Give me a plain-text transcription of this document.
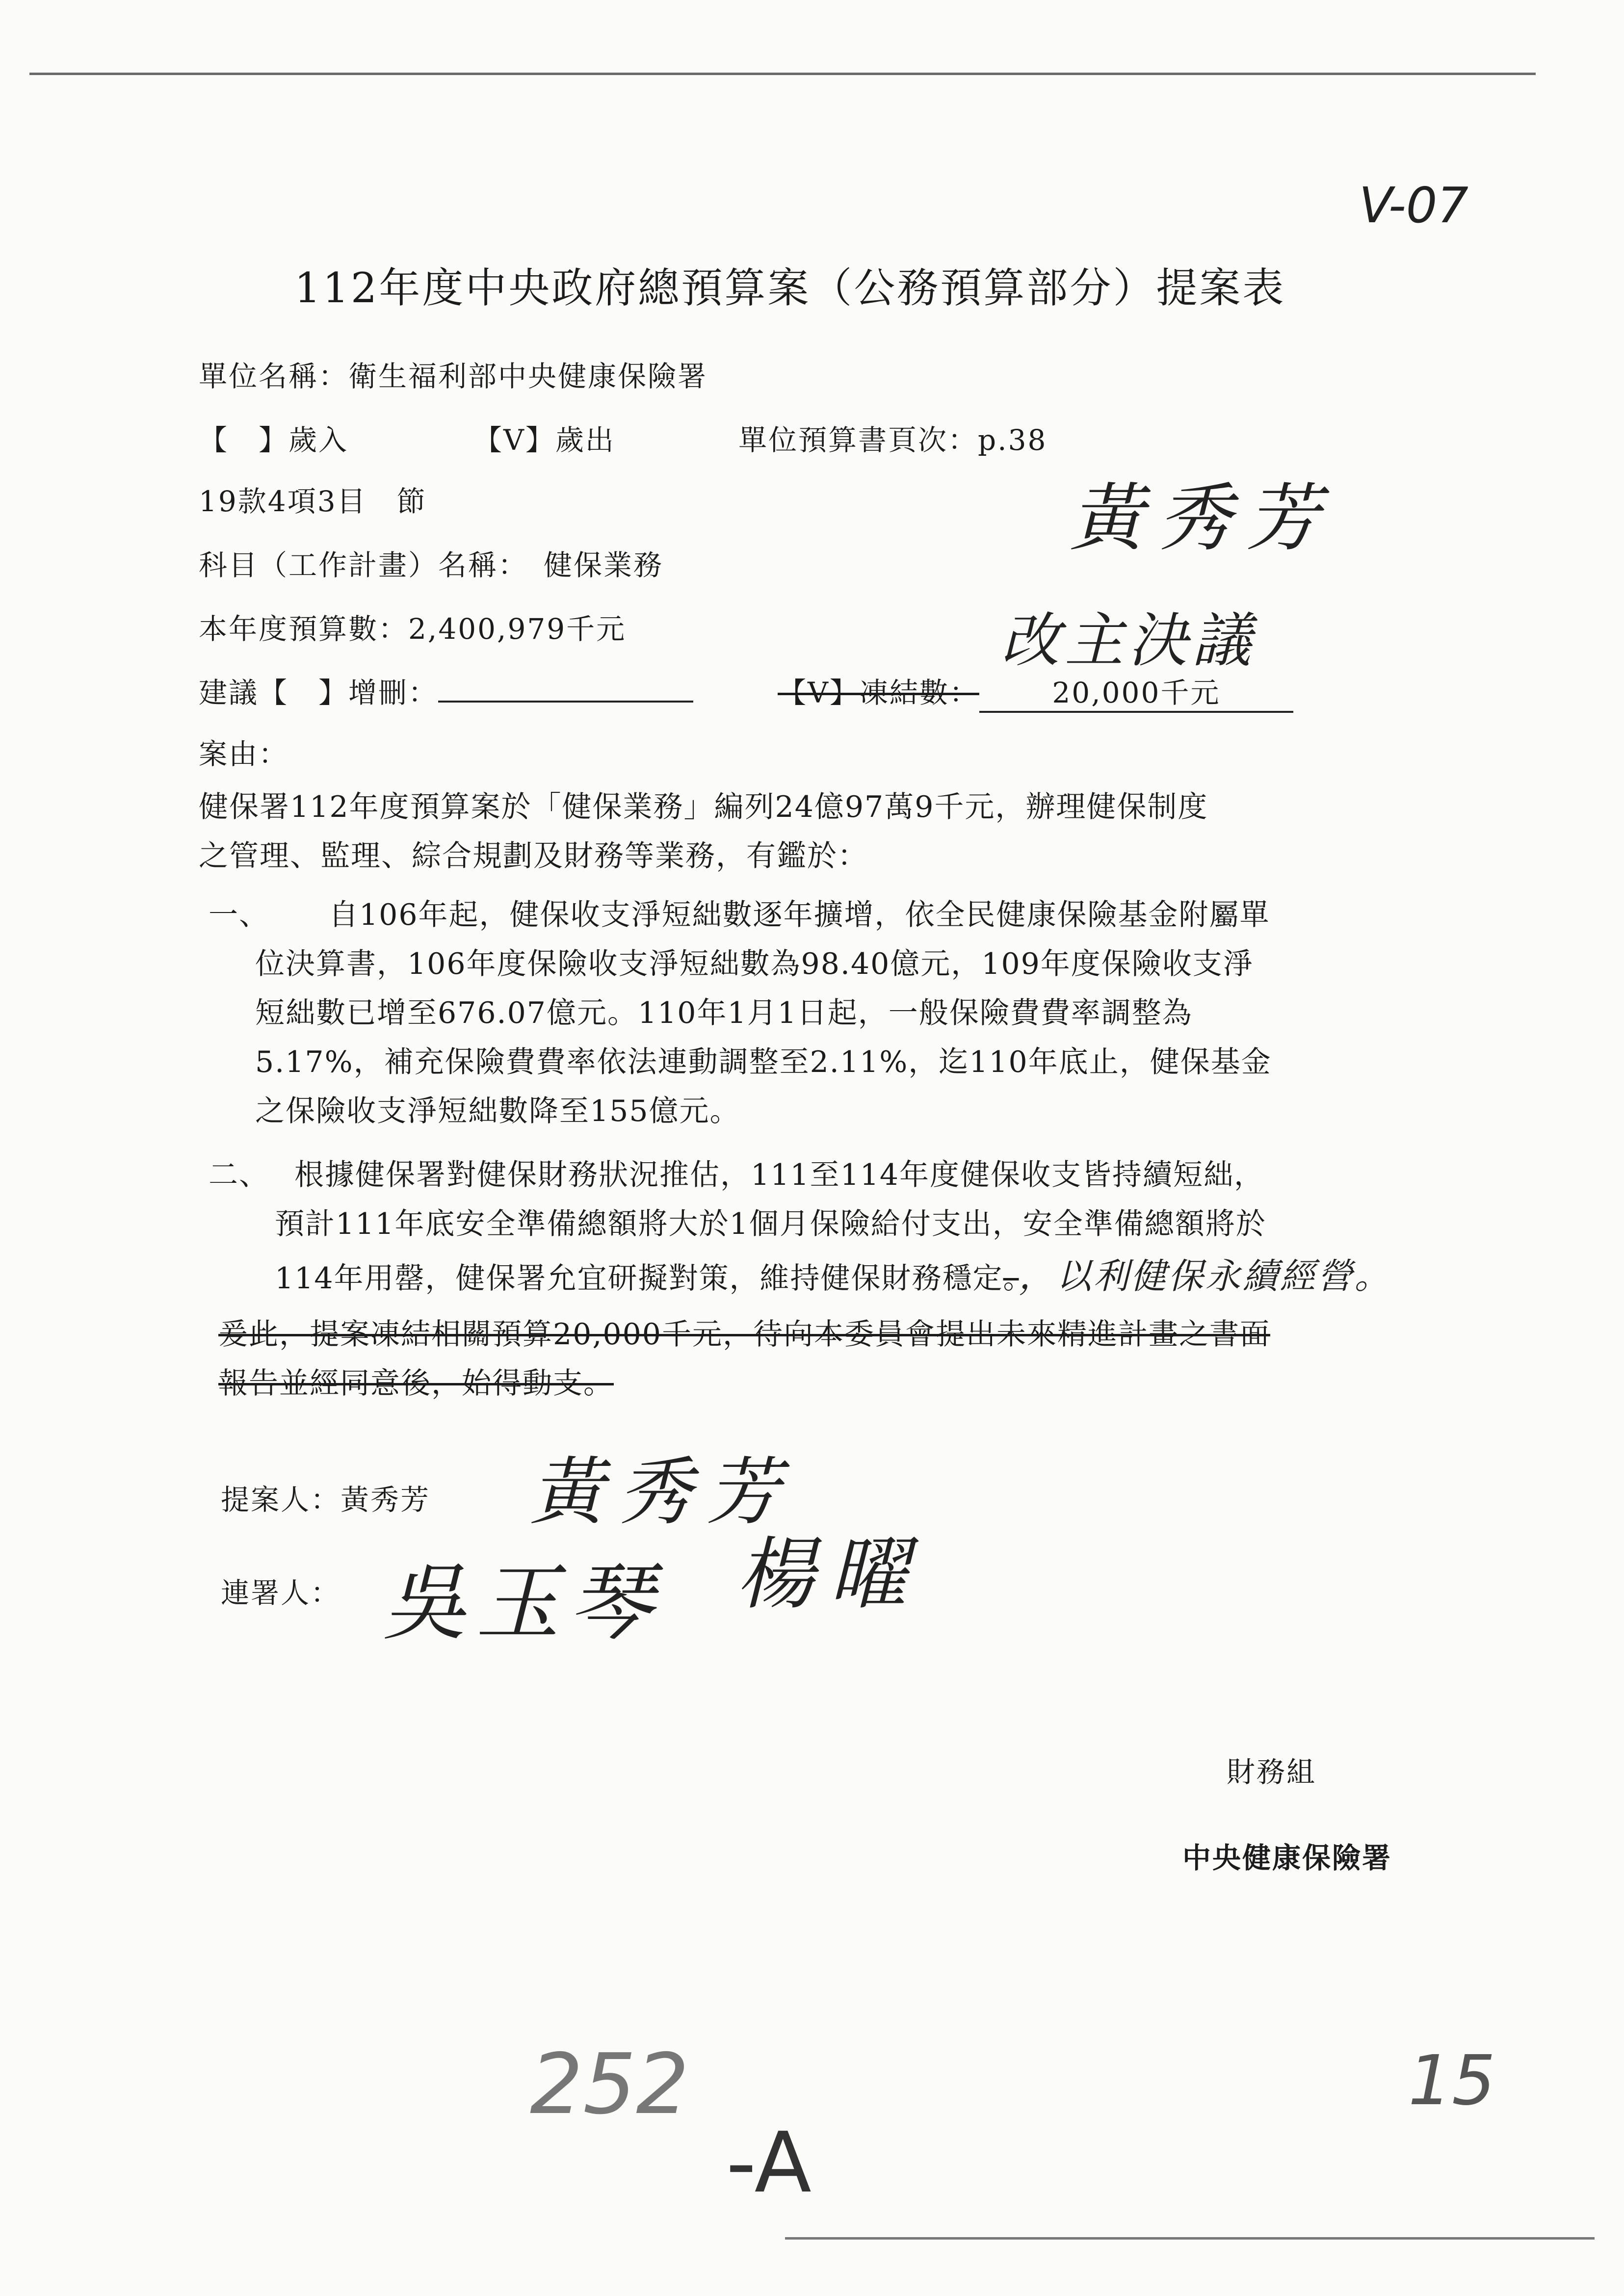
V-07
112年度中央政府總預算案（公務預算部分）提案表
單位名稱：衛生福利部中央健康保險署
【　】歲入	【V】歲出	單位預算書頁次：p.38
19款4項3目　節	黃秀芳
科目（工作計畫）名稱：　健保業務
本年度預算數：2,400,979千元	改主決議
建議【　】增刪：	【V】凍結數：	20,000千元
案由：
健保署112年度預算案於「健保業務」編列24億97萬9千元，辦理健保制度
之管理、監理、綜合規劃及財務等業務，有鑑於：
一、 自106年起，健保收支淨短絀數逐年擴增，依全民健康保險基金附屬單
位決算書，106年度保險收支淨短絀數為98.40億元，109年度保險收支淨
短絀數已增至676.07億元。110年1月1日起，一般保險費費率調整為
5.17%，補充保險費費率依法連動調整至2.11%，迄110年底止，健保基金
之保險收支淨短絀數降至155億元。
二、 根據健保署對健保財務狀況推估，111至114年度健保收支皆持續短絀，
預計111年底安全準備總額將大於1個月保險給付支出，安全準備總額將於
114年用罄，健保署允宜研擬對策，維持健保財務穩定。，以利健保永續經營。
爰此，提案凍結相關預算20,000千元，待向本委員會提出未來精進計畫之書面
報告並經同意後，始得動支。
提案人：黃秀芳 黃秀芳
連署人： 吳玉琴 楊曜
財務組
中央健康保險署
252
-A
15
